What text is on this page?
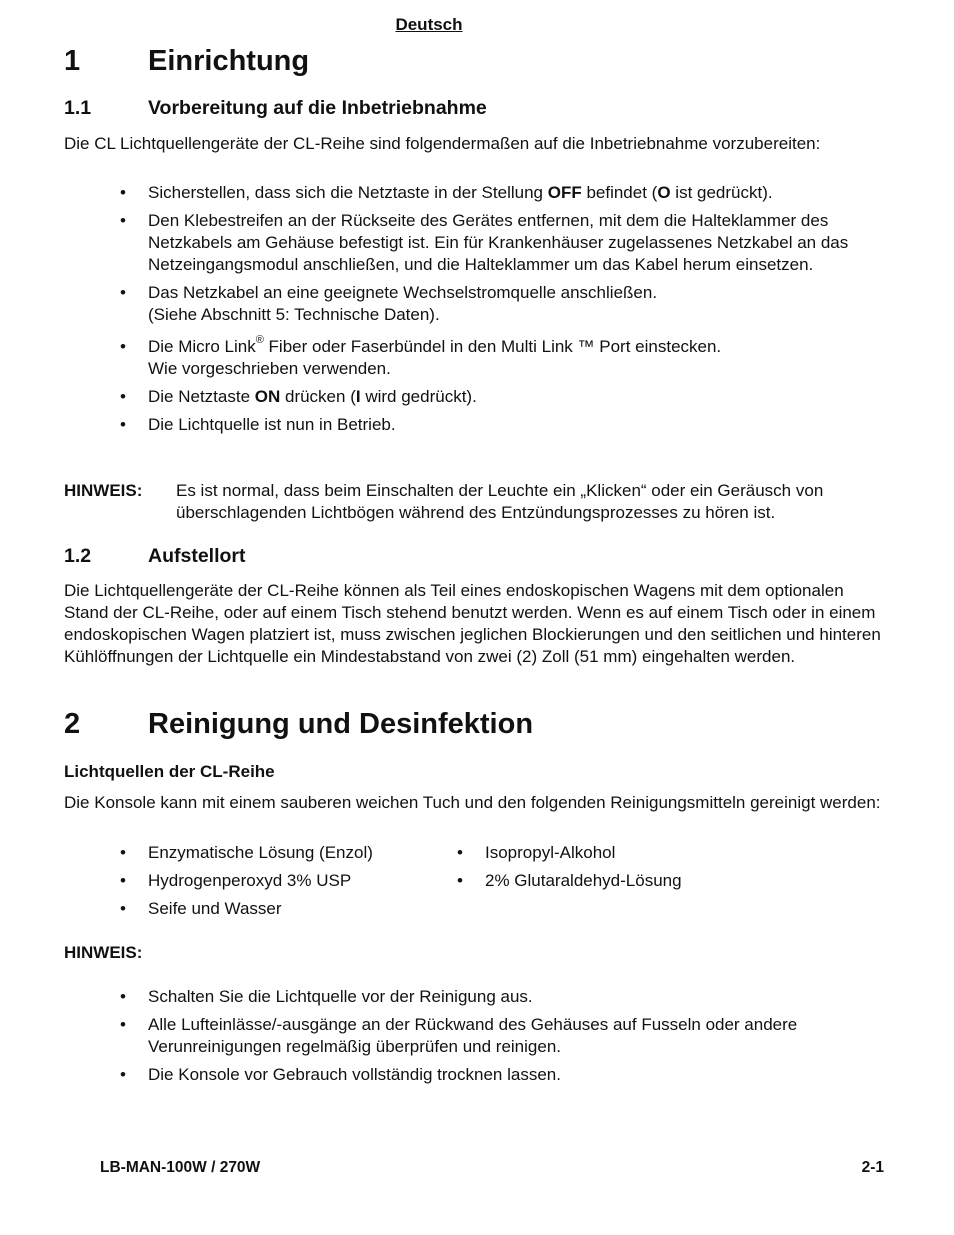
Deutsch
1 Einrichtung
1.1	Vorbereitung auf die Inbetriebnahme
Die CL Lichtquellengeräte der CL-Reihe sind folgendermaßen auf die Inbetriebnahme vorzubereiten:
• Sicherstellen, dass sich die Netztaste in der Stellung OFF befindet (O ist gedrückt).
• Den Klebestreifen an der Rückseite des Gerätes entfernen, mit dem die Halteklammer des Netzkabels am Gehäuse befestigt ist. Ein für Krankenhäuser zugelassenes Netzkabel an das Netzeingangsmodul anschließen, und die Halteklammer um das Kabel herum einsetzen.
• Das Netzkabel an eine geeignete Wechselstromquelle anschließen.
(Siehe Abschnitt 5: Technische Daten).
• Die Micro Link® Fiber oder Faserbündel in den Multi Link ™ Port einstecken.
Wie vorgeschrieben verwenden.
• Die Netztaste ON drücken (I wird gedrückt).
• Die Lichtquelle ist nun in Betrieb.
HINWEIS: Es ist normal, dass beim Einschalten der Leuchte ein „Klicken“ oder ein Geräusch von überschlagenden Lichtbögen während des Entzündungsprozesses zu hören ist.
1.2	Aufstellort
Die Lichtquellengeräte der CL-Reihe können als Teil eines endoskopischen Wagens mit dem optionalen Stand der CL-Reihe, oder auf einem Tisch stehend benutzt werden. Wenn es auf einem Tisch oder in einem endoskopischen Wagen platziert ist, muss zwischen jeglichen Blockierungen und den seitlichen und hinteren Kühlöffnungen der Lichtquelle ein Mindestabstand von zwei (2) Zoll (51 mm) eingehalten werden.
2 Reinigung und Desinfektion
Lichtquellen der CL-Reihe
Die Konsole kann mit einem sauberen weichen Tuch und den folgenden Reinigungsmitteln gereinigt werden:
• Enzymatische Lösung (Enzol)
• Hydrogenperoxyd 3% USP
• Seife und Wasser
• Isopropyl-Alkohol
• 2% Glutaraldehyd-Lösung
HINWEIS:
• Schalten Sie die Lichtquelle vor der Reinigung aus.
• Alle Lufteinlässe/-ausgänge an der Rückwand des Gehäuses auf Fusseln oder andere Verunreinigungen regelmäßig überprüfen und reinigen.
• Die Konsole vor Gebrauch vollständig trocknen lassen.
LB-MAN-100W / 270W	2-1
